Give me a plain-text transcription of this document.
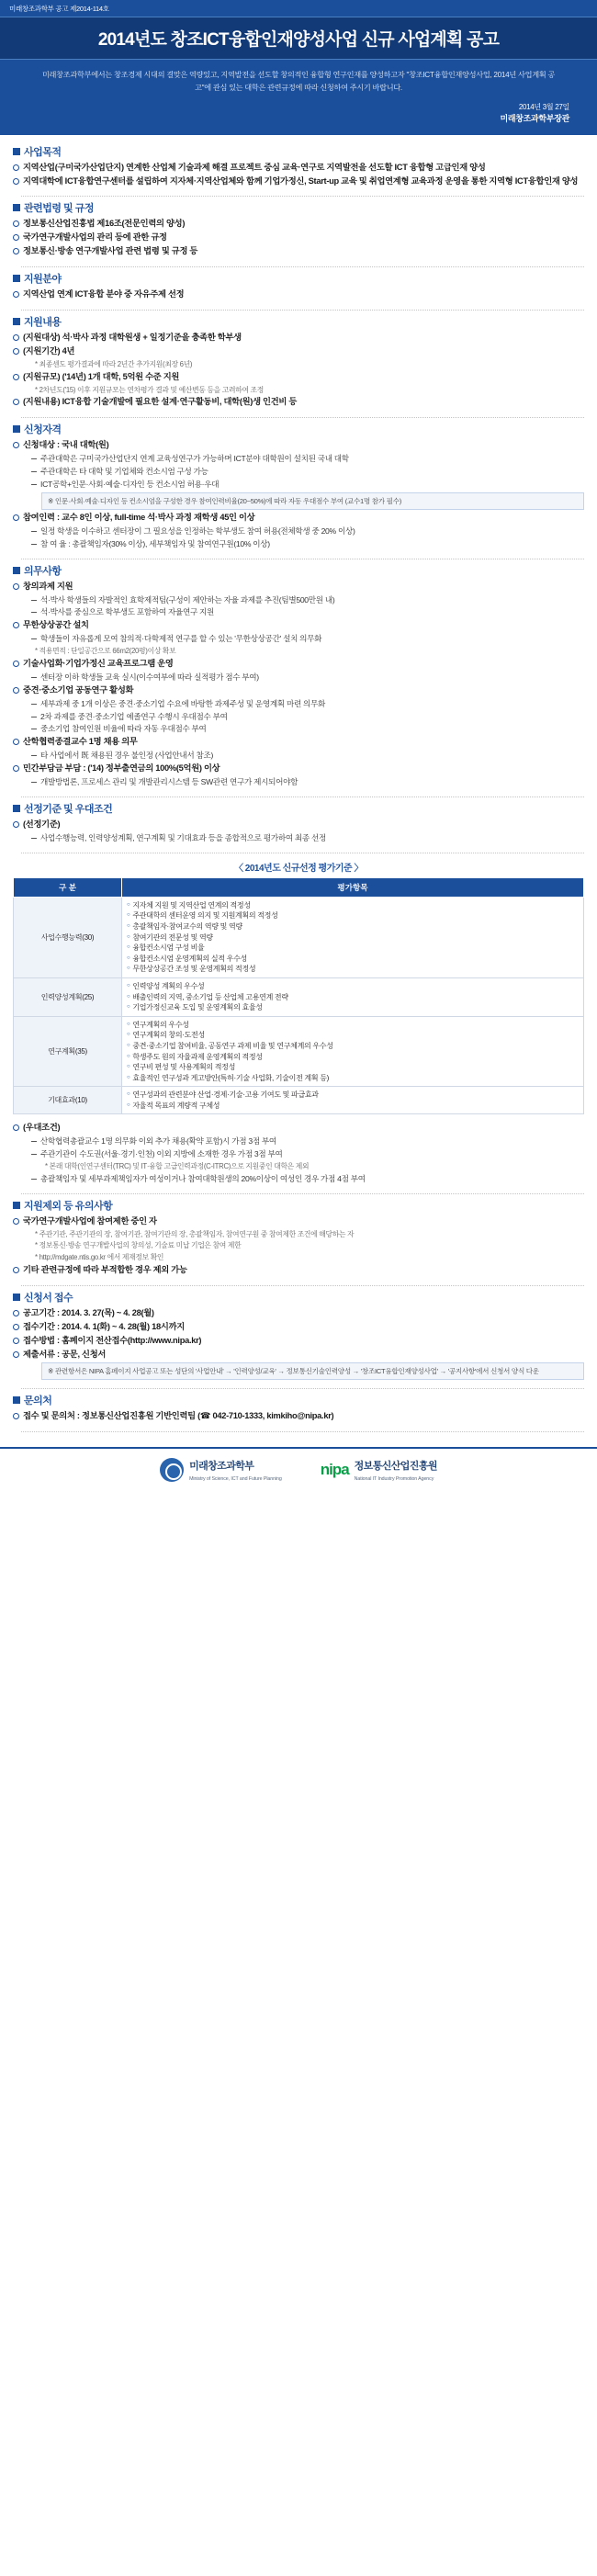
미래창조과학부 공고 제2014-114호
2014년도 창조ICT융합인재양성사업 신규 사업계획 공고
미래창조과학부에서는 창조경제 시대의 결맞은 역량있고, 지역발전을 선도할 창의적인 융합형 연구인재를 양성하고자 "창조ICT융합인재양성사업, 2014년 사업계획 공고"에 관심 있는 대학은 관련규정에 따라 신청하여 주시기 바랍니다.
2014년 3월 27일
미래창조과학부장관
사업목적
지역산업(구미국가산업단지) 연계한 산업체 기술과제 해결 프로젝트 중심 교육·연구로 지역발전을 선도할 ICT 융합형 고급인재 양성
지역대학에 ICT융합연구센터를 설립하여 지자체·지역산업체와 함께 기업가정신, Start-up 교육 및 취업연계형 교육과정 운영을 통한 지역형 ICT융합인재 양성
관련법령 및 규정
정보통신산업진흥법 제16조(전문인력의 양성)
국가연구개발사업의 관리 등에 관한 규정
정보통신·방송 연구개발사업 관련 법령 및 규정 등
지원분야
지역산업 연계 ICT융합 분야 중 자유주제 선정
지원내용
(지원대상) 석·박사 과정 대학원생 + 일정기준을 충족한 학부생
(지원기간) 4년
* 최종센도 평가결과에 따라 2년간 추가지원(최장 6년)
(지원규모) ('14년) 1개 대학, 5억원 수준 지원
* 2차년도('15) 이후 지원규모는 연차평가 결과 및 예산변동 등을 고려하여 조정
(지원내용) ICT융합 기술개발에 필요한 설계·연구활동비, 대학(원)생 인건비 등
신청자격
신청대상 : 국내 대학(원)
주관대학은 구미국가산업단지 연계 교육성연구가 가능하며 ICT분야 대학원이 설치된 국내 대학
주관대학은 타 대학 및 기업체와 컨소시엄 구성 가능
ICT공학+인문·사회·예술·디자인 등 컨소시엄 허용·우대
※ 인문·사회·예술·디자인 등 컨소시엄을 구성한 경우 참여인력비율(20~50%)에 따라 자동 우대점수 부여 (교수1명 참가 필수)
참여인력 : 교수 8인 이상, full-time 석·박사 과정 재학생 45인 이상
일정 학생을 이수하고 센터장이 그 필요성을 인정하는 학부생도 참여 허용(전체학생 중 20% 이상)
참 여 율 : 총괄책임자(30% 이상), 세부책임자 및 참여연구원(10% 이상)
의무사항
창의과제 지원
석·박사 학생들의 자발적인 효학제적팀(구성이 제안하는 자율 과제를 추진(팀별500만원 내)
석·박사를 중심으로 학부생도 포함하여 자율연구 지원
무한상상공간 설치
학생들이 자유롭게 모여 참의적·다학제적 연구를 할 수 있는 '무한상상공간' 설치 의무화
* 적용면적 : 단일공간으로 66m2(20평)이상 확보
기술사업화·기업가정신 교육프로그램 운영
센터장 이하 학생들 교육 실시(이수여부에 따라 실적평가 점수 부여)
중견·중소기업 공동연구 활성화
세부과제 중 1개 이상은 중견·중소기업 수요에 바탕한 과제주성 및 운영계획 마련 의무화
2차 과제를 중견·중소기업 예졸연구 수행시 우대점수 부여
중소기업 참여인원 비율에 따라 자동 우대점수 부여
산학협력종결교수 1명 채용 의무
타 사업에서 既 채용된 경우 불인정 (사업안내서 참조)
민간부담금 부담 : ('14) 정부출연금의 100%(5억원) 이상
개발방법론, 프로세스 관리 및 개발관리시스템 등 SW관련 연구가 제시되어야함
선정기준 및 우대조건
(선정기준)
사업수행능력, 인력양성계획, 연구계획 및 기대효과 등을 종합적으로 평가하여 최종 선정
〈 2014년도 신규선정 평가기준 〉
구 분	평가항목
사업수행능력(30)	
○ 지자체 지원 및 지역산업 연계의 적정성
○ 주관대학의 센터운영 의지 및 지원계획의 적정성
○ 총괄책임자·참여교수의 역량 및 역량
○ 참여기관의 전문성 및 역량
○ 융합컨소시엄 구성 비율
○ 융합컨소시엄 운영계획의 실적 우수성
○ 무한상상공간 조성 및 운영계획의 적정성

인력양성계획(25)	
○ 인력양성 계획의 우수성
○ 배출인력의 지역, 중소기업 등 산업체 고용연계 전략
○ 기업가정신교육 도입 및 운영계획의 효율성

연구계획(35)	
○ 연구계획의 우수성
○ 연구계획의 창의·도전성
○ 중견·중소기업 참여비율, 공동연구 과제 비율 및 연구체계의 우수성
○ 학생주도 원의 자율과제 운영계획의 적정성
○ 연구비 편성 및 사용계획의 적정성
○ 효율적인 연구성과 게고방안(특허·기술 사업화, 기술이전 계획 등)

기대효과(10)	
○ 연구성과의 관련분야 산업·경제·기술·고용 기여도 및 파급효과
○ 자율적 목표의 계량적 구체성
(우대조건)
산학협력총괄교수 1명 의무화 이외 추가 채용(확약 포함)시 가점 3점 부여
주관기관이 수도권(서울·경기·인천) 이외 지방에 소재한 경우 가점 3점 부여
* 본래 대학(인연구센터(TRC) 및 IT·융합 고급인력과정(C-ITRC)으로 지원중인 대학은 제외
총괄책임자 및 세부과제책임자가 여성이거나 참여대학원생의 20%이상이 여성인 경우 가점 4점 부여
지원제외 등 유의사항
국가연구개발사업에 참여제한 중인 자
* 주관기관, 주관기관의 장, 참여기관, 참여기관의 장, 총괄책임자, 참여연구원 중 참여제한 조건에 해당하는 자
* 정보통신·방송 연구개발사업의 창의성, 기술료 미납 기업은 참여 제한
* http://mdgate.ntis.go.kr 에서 제재정보 확인
기타 관련규정에 따라 부적합한 경우 제외 가능
신청서 접수
공고기간 : 2014. 3. 27(목) ~ 4. 28(월)
접수기간 : 2014. 4. 1(화) ~ 4. 28(월) 18시까지
접수방법 : 홈페이지 전산접수(http://www.nipa.kr)
제출서류 : 공문, 신청서
※ 관련항서은 NIPA 홈페이지 사업공고 또는 성단의 '사업안내' → '인력양성/교육' → 정보통신기술인력양성 → '창조ICT융합인재양성사업' → '공지사항'에서 신청서 양식 다운
문의처
접수 및 문의처 : 정보통신산업진흥원 기반인력팀 (☎ 042-710-1333, kimkiho@nipa.kr)
미래창조과학부
Ministry of Science, ICT and Future Planning
nipa 정보통신산업진흥원
National IT Industry Promotion Agency
